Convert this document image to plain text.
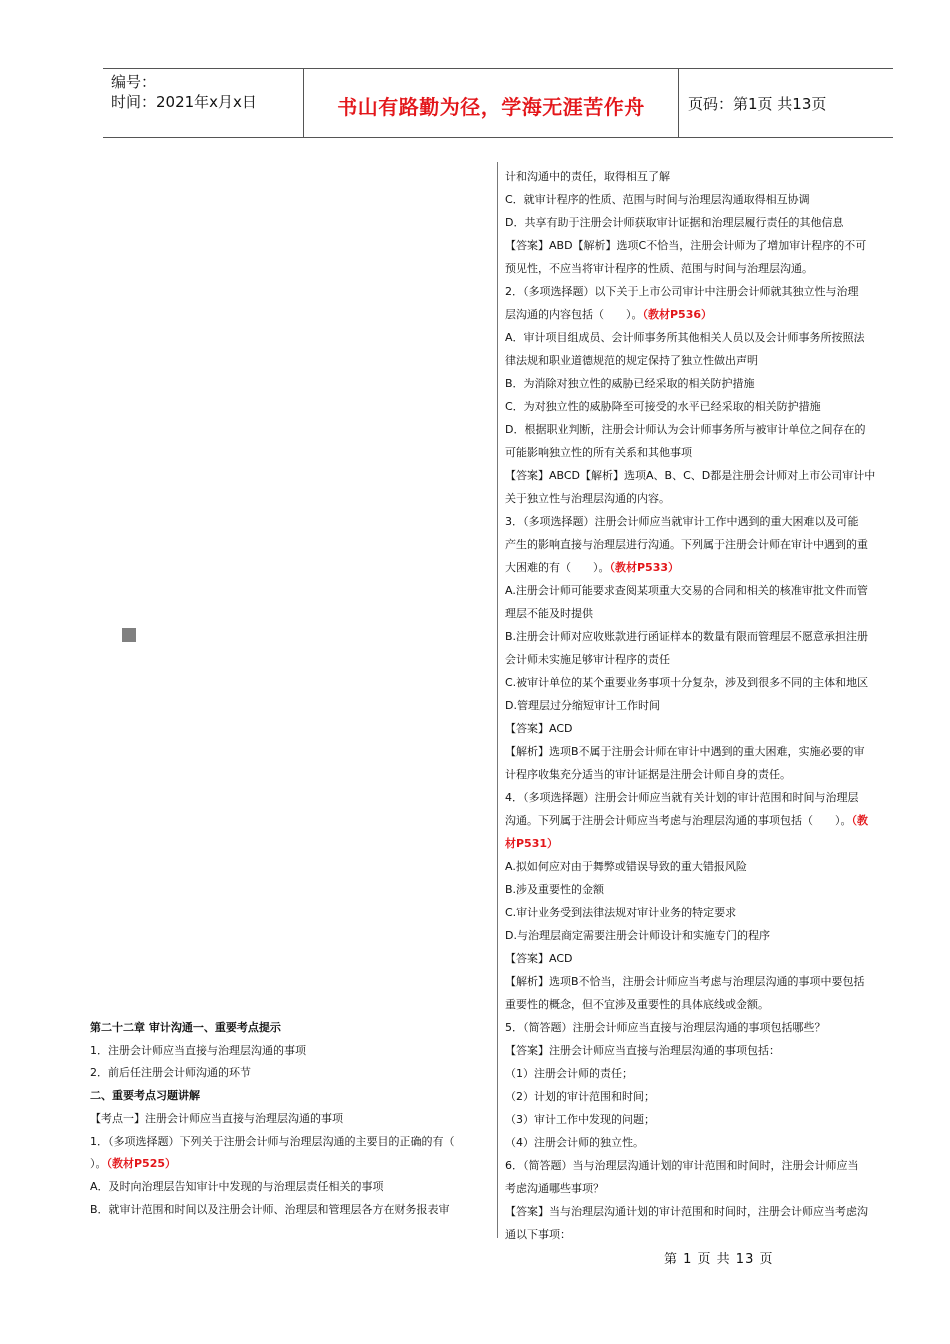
编号：
时间：2021年x月x日	书山有路勤为径，学海无涯苦作舟	页码：第1页 共13页

第二十二章 审计沟通一、重要考点提示

1．注册会计师应当直接与治理层沟通的事项

2．前后任注册会计师沟通的环节

二、重要考点习题讲解

【考点一】注册会计师应当直接与治理层沟通的事项

1．（多项选择题）下列关于注册会计师与治理层沟通的主要目的正确的有（

）。（教材P525）

A．及时向治理层告知审计中发现的与治理层责任相关的事项

B．就审计范围和时间以及注册会计师、治理层和管理层各方在财务报表审

计和沟通中的责任，取得相互了解

C．就审计程序的性质、范围与时间与治理层沟通取得相互协调

D．共享有助于注册会计师获取审计证据和治理层履行责任的其他信息

【答案】ABD【解析】选项C不恰当，注册会计师为了增加审计程序的不可

预见性，不应当将审计程序的性质、范围与时间与治理层沟通。

2．（多项选择题）以下关于上市公司审计中注册会计师就其独立性与治理

层沟通的内容包括（　　）。（教材P536）

A．审计项目组成员、会计师事务所其他相关人员以及会计师事务所按照法

律法规和职业道德规范的规定保持了独立性做出声明

B．为消除对独立性的威胁已经采取的相关防护措施

C．为对独立性的威胁降至可接受的水平已经采取的相关防护措施

D．根据职业判断，注册会计师认为会计师事务所与被审计单位之间存在的

可能影响独立性的所有关系和其他事项

【答案】ABCD【解析】选项A、B、C、D都是注册会计师对上市公司审计中

关于独立性与治理层沟通的内容。

3．（多项选择题）注册会计师应当就审计工作中遇到的重大困难以及可能

产生的影响直接与治理层进行沟通。下列属于注册会计师在审计中遇到的重

大困难的有（　　）。（教材P533）

A.注册会计师可能要求查阅某项重大交易的合同和相关的核准审批文件而管

理层不能及时提供

B.注册会计师对应收账款进行函证样本的数量有限而管理层不愿意承担注册

会计师未实施足够审计程序的责任

C.被审计单位的某个重要业务事项十分复杂，涉及到很多不同的主体和地区

D.管理层过分缩短审计工作时间

【答案】ACD

【解析】选项B不属于注册会计师在审计中遇到的重大困难，实施必要的审

计程序收集充分适当的审计证据是注册会计师自身的责任。

4．（多项选择题）注册会计师应当就有关计划的审计范围和时间与治理层

沟通。下列属于注册会计师应当考虑与治理层沟通的事项包括（　　）。（教

材P531）

A.拟如何应对由于舞弊或错误导致的重大错报风险

B.涉及重要性的金额

C.审计业务受到法律法规对审计业务的特定要求

D.与治理层商定需要注册会计师设计和实施专门的程序

【答案】ACD

【解析】选项B不恰当，注册会计师应当考虑与治理层沟通的事项中要包括

重要性的概念，但不宜涉及重要性的具体底线或金额。

5．（简答题）注册会计师应当直接与治理层沟通的事项包括哪些？

【答案】注册会计师应当直接与治理层沟通的事项包括：

（1）注册会计师的责任；

（2）计划的审计范围和时间；

（3）审计工作中发现的问题；

（4）注册会计师的独立性。

6．（简答题）当与治理层沟通计划的审计范围和时间时，注册会计师应当

考虑沟通哪些事项？

【答案】当与治理层沟通计划的审计范围和时间时，注册会计师应当考虑沟

通以下事项：

第 1 页 共 13 页
